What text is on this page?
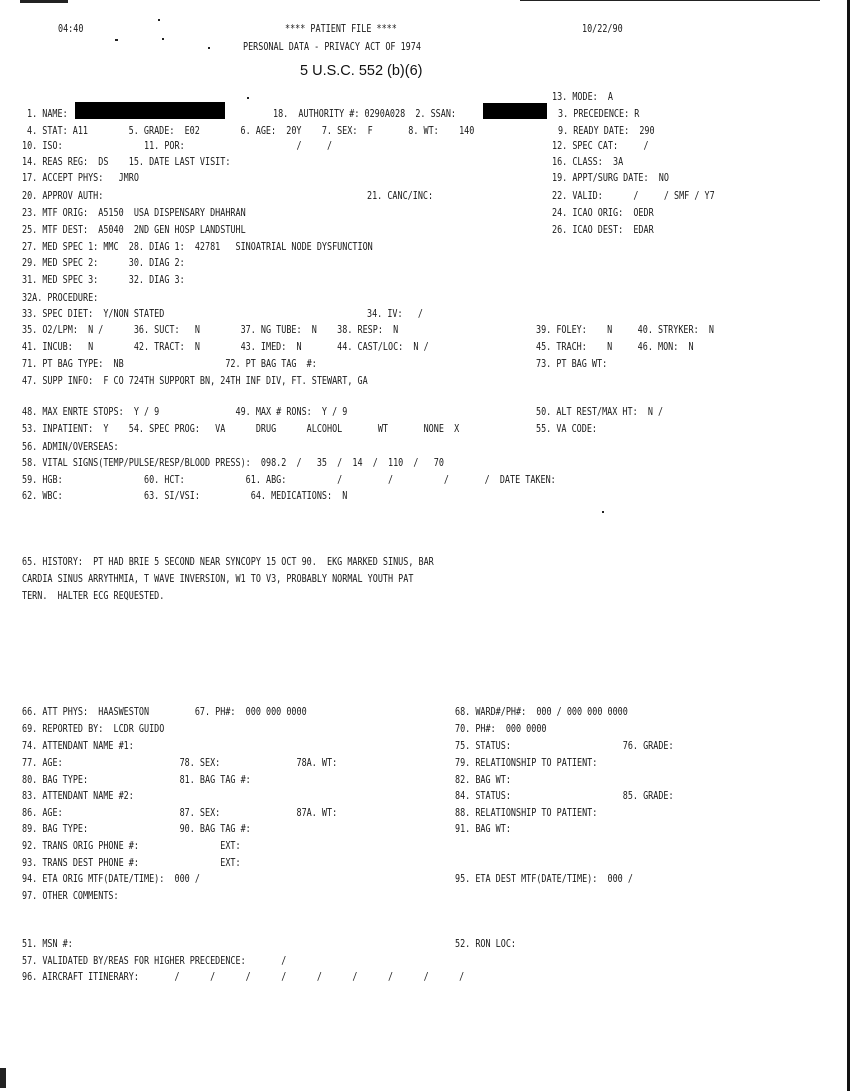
04:40	**** PATIENT FILE ****	10/22/90
PERSONAL DATA - PRIVACY ACT OF 1974
5 U.S.C. 552 (b)(6)
13. MODE:  A
1. NAME:	18.  AUTHORITY #: 0290A028  2. SSAN:	3. PRECEDENCE: R
4. STAT: A11        5. GRADE:  E02        6. AGE:  20Y    7. SEX:  F       8. WT:    140	9. READY DATE:  290
10. ISO:                11. POR:                      /     /	12. SPEC CAT:     /
14. REAS REG:  DS    15. DATE LAST VISIT:	16. CLASS:  3A
17. ACCEPT PHYS:   JMRO	19. APPT/SURG DATE:  NO
20. APPROV AUTH:	21. CANC/INC:	22. VALID:      /     / SMF / Y7
23. MTF ORIG:  A5150  USA DISPENSARY DHAHRAN	24. ICAO ORIG:  OEDR
25. MTF DEST:  A5040  2ND GEN HOSP LANDSTUHL	26. ICAO DEST:  EDAR
27. MED SPEC 1: MMC  28. DIAG 1:  42781   SINOATRIAL NODE DYSFUNCTION
29. MED SPEC 2:      30. DIAG 2:
31. MED SPEC 3:      32. DIAG 3:
32A. PROCEDURE:
33. SPEC DIET:  Y/NON STATED	34. IV:   /
35. O2/LPM:  N /      36. SUCT:   N        37. NG TUBE:  N    38. RESP:  N	39. FOLEY:    N     40. STRYKER:  N
41. INCUB:   N        42. TRACT:  N        43. IMED:  N       44. CAST/LOC:  N /	45. TRACH:    N     46. MON:  N
71. PT BAG TYPE:  NB                    72. PT BAG TAG  #:	73. PT BAG WT:
47. SUPP INFO:  F CO 724TH SUPPORT BN, 24TH INF DIV, FT. STEWART, GA
48. MAX ENRTE STOPS:  Y / 9               49. MAX # RONS:  Y / 9	50. ALT REST/MAX HT:  N /
53. INPATIENT:  Y    54. SPEC PROG:   VA      DRUG      ALCOHOL       WT       NONE  X	55. VA CODE:
56. ADMIN/OVERSEAS:
58. VITAL SIGNS(TEMP/PULSE/RESP/BLOOD PRESS):  098.2  /   35  /  14  /  110  /   70
59. HGB:                60. HCT:            61. ABG:          /         /          /       /  DATE TAKEN:
62. WBC:                63. SI/VSI:          64. MEDICATIONS:  N
65. HISTORY:  PT HAD BRIE 5 SECOND NEAR SYNCOPY 15 OCT 90.  EKG MARKED SINUS, BAR
CARDIA SINUS ARRYTHMIA, T WAVE INVERSION, W1 TO V3, PROBABLY NORMAL YOUTH PAT
TERN.  HALTER ECG REQUESTED.
66. ATT PHYS:  HAASWESTON         67. PH#:  000 000 0000	68. WARD#/PH#:  000 / 000 000 0000
69. REPORTED BY:  LCDR GUIDO	70. PH#:  000 0000
74. ATTENDANT NAME #1:	75. STATUS:                      76. GRADE:
77. AGE:                       78. SEX:               78A. WT:	79. RELATIONSHIP TO PATIENT:
80. BAG TYPE:                  81. BAG TAG #:	82. BAG WT:
83. ATTENDANT NAME #2:	84. STATUS:                      85. GRADE:
86. AGE:                       87. SEX:               87A. WT:	88. RELATIONSHIP TO PATIENT:
89. BAG TYPE:                  90. BAG TAG #:	91. BAG WT:
92. TRANS ORIG PHONE #:                EXT:
93. TRANS DEST PHONE #:                EXT:
94. ETA ORIG MTF(DATE/TIME):  000 /	95. ETA DEST MTF(DATE/TIME):  000 /
97. OTHER COMMENTS:
51. MSN #:	52. RON LOC:
57. VALIDATED BY/REAS FOR HIGHER PRECEDENCE:       /
96. AIRCRAFT ITINERARY:       /      /      /      /      /      /      /      /      /
